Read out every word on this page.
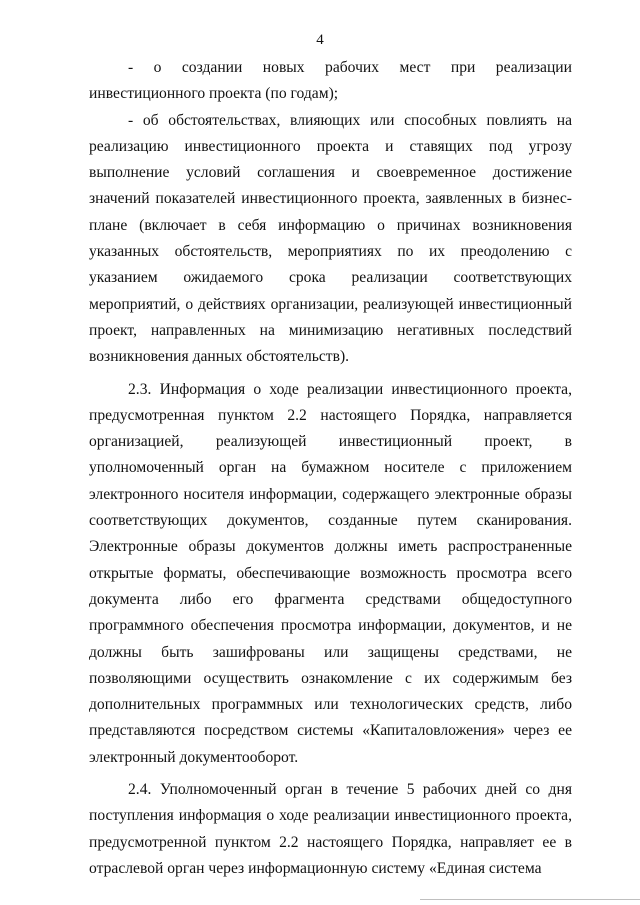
4

- о создании новых рабочих мест при реализации инвестиционного проекта (по годам);

- об обстоятельствах, влияющих или способных повлиять на реализацию инвестиционного проекта и ставящих под угрозу выполнение условий соглашения и своевременное достижение значений показателей инвестиционного проекта, заявленных в бизнес-плане (включает в себя информацию о причинах возникновения указанных обстоятельств, мероприятиях по их преодолению с указанием ожидаемого срока реализации соответствующих мероприятий, о действиях организации, реализующей инвестиционный проект, направленных на минимизацию негативных последствий возникновения данных обстоятельств).

2.3. Информация о ходе реализации инвестиционного проекта, предусмотренная пунктом 2.2 настоящего Порядка, направляется организацией, реализующей инвестиционный проект, в уполномоченный орган на бумажном носителе с приложением электронного носителя информации, содержащего электронные образы соответствующих документов, созданные путем сканирования. Электронные образы документов должны иметь распространенные открытые форматы, обеспечивающие возможность просмотра всего документа либо его фрагмента средствами общедоступного программного обеспечения просмотра информации, документов, и не должны быть зашифрованы или защищены средствами, не позволяющими осуществить ознакомление с их содержимым без дополнительных программных или технологических средств, либо представляются посредством системы «Капиталовложения» через ее электронный документооборот.

2.4. Уполномоченный орган в течение 5 рабочих дней со дня поступления информация о ходе реализации инвестиционного проекта, предусмотренной пунктом 2.2 настоящего Порядка, направляет ее в отраслевой орган через информационную систему «Единая система
